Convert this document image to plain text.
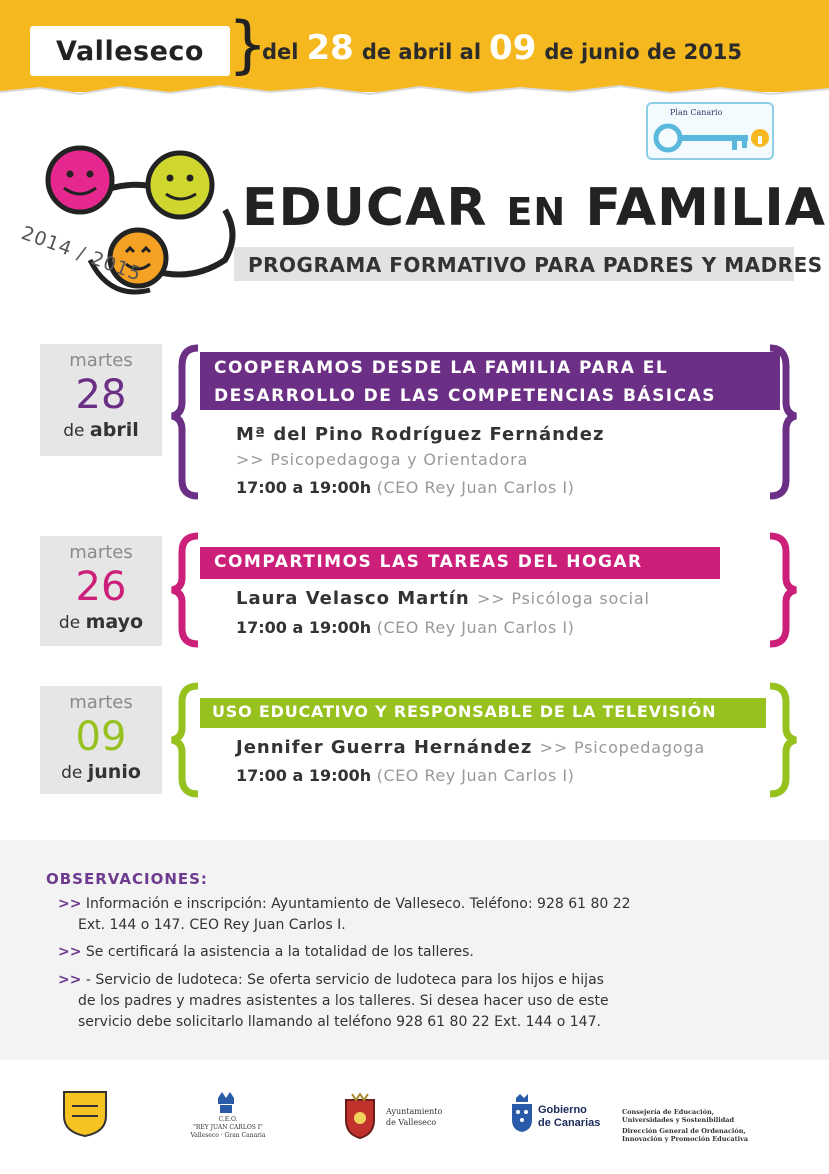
Valleseco }
del 28 de abril al 09 de junio de 2015
Plan Canario
2014 / 2015
EDUCAR EN FAMILIA
PROGRAMA FORMATIVO PARA PADRES Y MADRES
martes
28
de abril
COOPERAMOS DESDE LA FAMILIA PARA EL
DESARROLLO DE LAS COMPETENCIAS BÁSICAS
Mª del Pino Rodríguez Fernández
>> Psicopedagoga y Orientadora
17:00 a 19:00h (CEO Rey Juan Carlos I)
martes
26
de mayo
COMPARTIMOS LAS TAREAS DEL HOGAR
Laura Velasco Martín >> Psicóloga social
17:00 a 19:00h (CEO Rey Juan Carlos I)
martes
09
de junio
USO EDUCATIVO Y RESPONSABLE DE LA TELEVISIÓN
Jennifer Guerra Hernández >> Psicopedagoga
17:00 a 19:00h (CEO Rey Juan Carlos I)
OBSERVACIONES:
>> Información e inscripción: Ayuntamiento de Valleseco. Teléfono: 928 61 80 22
Ext. 144 o 147. CEO Rey Juan Carlos I.
>> Se certificará la asistencia a la totalidad de los talleres.
>> - Servicio de ludoteca: Se oferta servicio de ludoteca para los hijos e hijas
de los padres y madres asistentes a los talleres. Si desea hacer uso de este
servicio debe solicitarlo llamando al teléfono 928 61 80 22 Ext. 144 o 147.
C.E.O.
"REY JUAN CARLOS I"
Valleseco · Gran Canaria
Ayuntamiento
de Valleseco
Gobierno
de Canarias
Consejería de Educación,
Universidades y Sostenibilidad
Dirección General de Ordenación,
Innovación y Promoción Educativa
